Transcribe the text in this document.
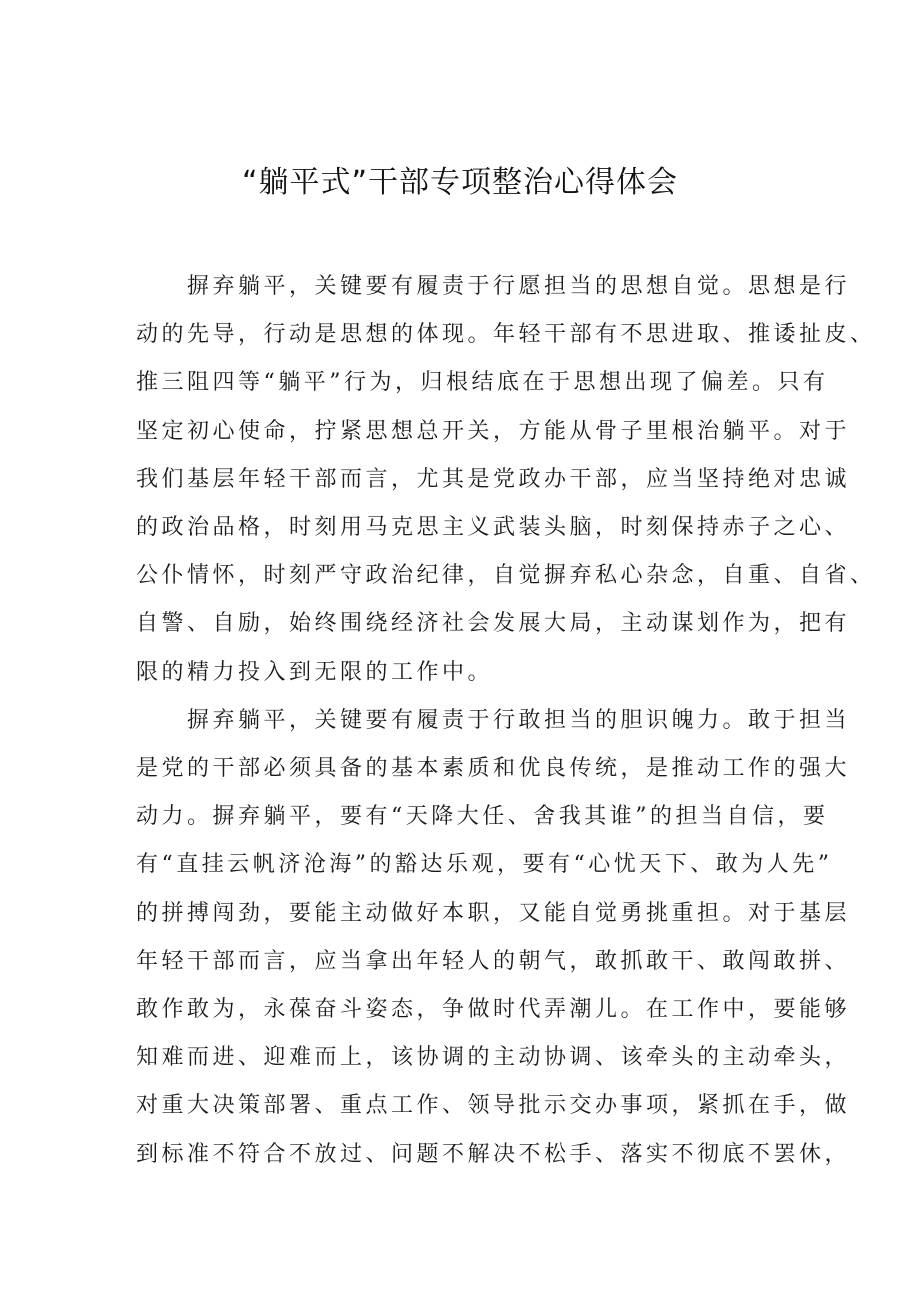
“躺平式”干部专项整治心得体会
摒弃躺平，关键要有履责于行愿担当的思想自觉。思想是行
动的先导，行动是思想的体现。年轻干部有不思进取、推诿扯皮、
推三阻四等“躺平”行为，归根结底在于思想出现了偏差。只有
坚定初心使命，拧紧思想总开关，方能从骨子里根治躺平。对于
我们基层年轻干部而言，尤其是党政办干部，应当坚持绝对忠诚
的政治品格，时刻用马克思主义武装头脑，时刻保持赤子之心、
公仆情怀，时刻严守政治纪律，自觉摒弃私心杂念，自重、自省、
自警、自励，始终围绕经济社会发展大局，主动谋划作为，把有
限的精力投入到无限的工作中。
摒弃躺平，关键要有履责于行敢担当的胆识魄力。敢于担当
是党的干部必须具备的基本素质和优良传统，是推动工作的强大
动力。摒弃躺平，要有“天降大任、舍我其谁”的担当自信，要
有“直挂云帆济沧海”的豁达乐观，要有“心忧天下、敢为人先”
的拼搏闯劲，要能主动做好本职，又能自觉勇挑重担。对于基层
年轻干部而言，应当拿出年轻人的朝气，敢抓敢干、敢闯敢拼、
敢作敢为，永葆奋斗姿态，争做时代弄潮儿。在工作中，要能够
知难而进、迎难而上，该协调的主动协调、该牵头的主动牵头，
对重大决策部署、重点工作、领导批示交办事项，紧抓在手，做
到标准不符合不放过、问题不解决不松手、落实不彻底不罢休，
